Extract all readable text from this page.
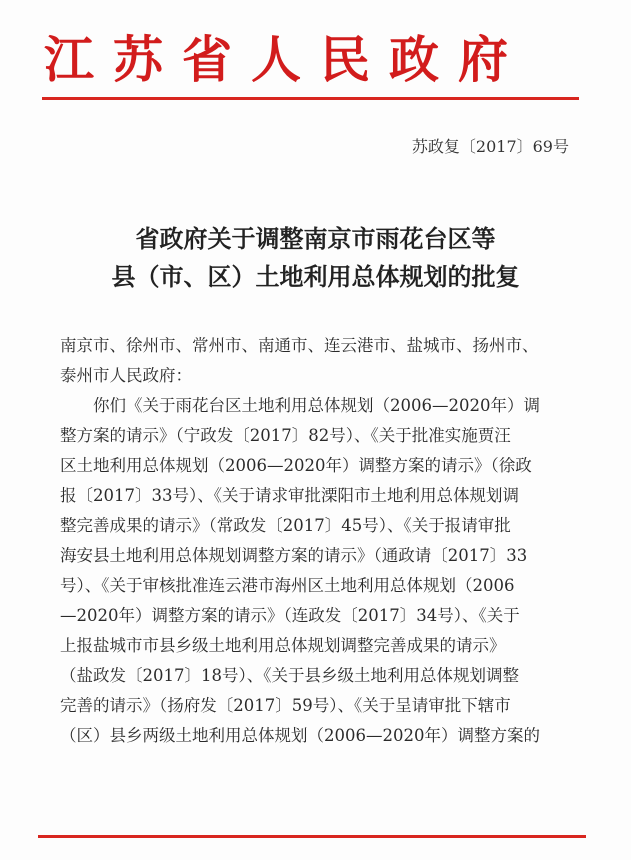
江苏省人民政府
苏政复〔2017〕69号
省政府关于调整南京市雨花台区等
县（市、区）土地利用总体规划的批复
南京市、徐州市、常州市、南通市、连云港市、盐城市、扬州市、
泰州市人民政府：
你们《关于雨花台区土地利用总体规划（2006—2020年）调
整方案的请示》（宁政发〔2017〕82号）、《关于批准实施贾汪
区土地利用总体规划（2006—2020年）调整方案的请示》（徐政
报〔2017〕33号）、《关于请求审批溧阳市土地利用总体规划调
整完善成果的请示》（常政发〔2017〕45号）、《关于报请审批
海安县土地利用总体规划调整方案的请示》（通政请〔2017〕33
号）、《关于审核批准连云港市海州区土地利用总体规划（2006
—2020年）调整方案的请示》（连政发〔2017〕34号）、《关于
上报盐城市市县乡级土地利用总体规划调整完善成果的请示》
（盐政发〔2017〕18号）、《关于县乡级土地利用总体规划调整
完善的请示》（扬府发〔2017〕59号）、《关于呈请审批下辖市
（区）县乡两级土地利用总体规划（2006—2020年）调整方案的
